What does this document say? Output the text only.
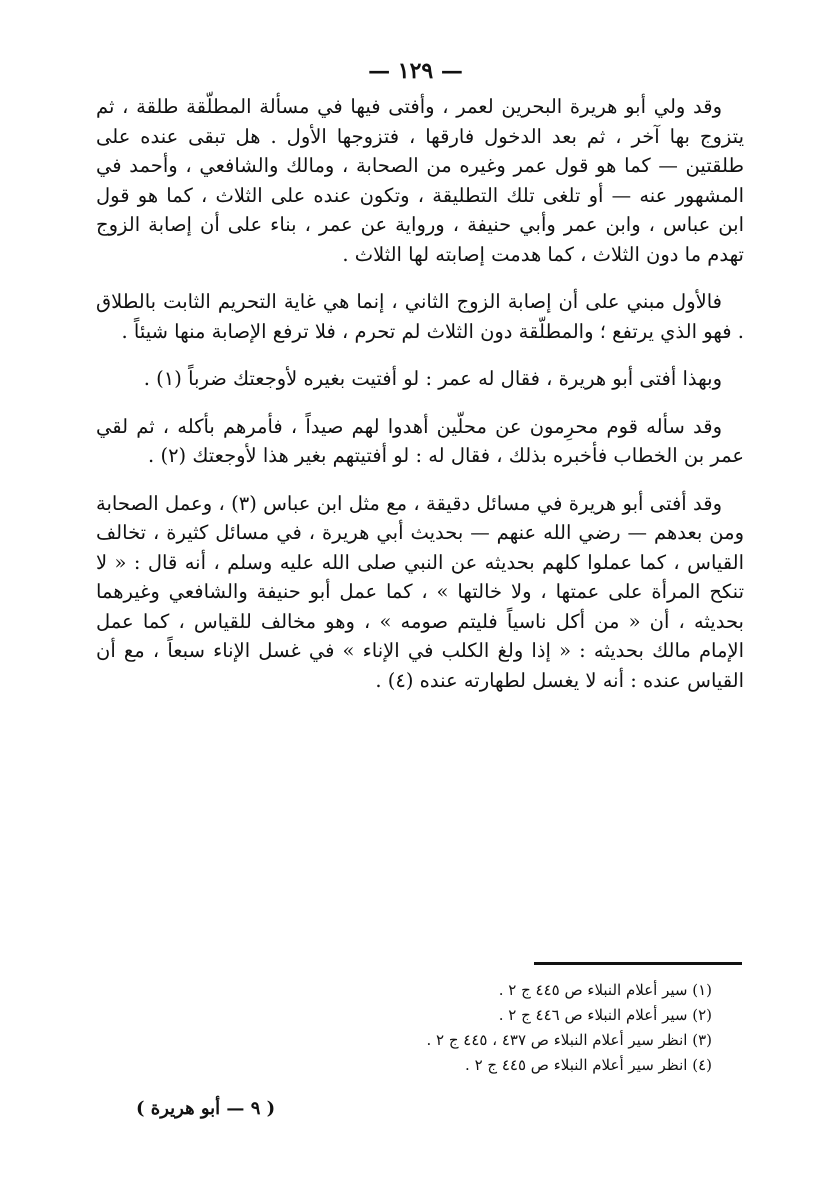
— ١٢٩ —

وقد ولي أبو هريرة البحرين لعمر ، وأفتى فيها في مسألة المطلّقة طلقة ، ثم يتزوج بها آخر ، ثم بعد الدخول فارقها ، فتزوجها الأول . هل تبقى عنده على طلقتين — كما هو قول عمر وغيره من الصحابة ، ومالك والشافعي ، وأحمد في المشهور عنه — أو تلغى تلك التطليقة ، وتكون عنده على الثلاث ، كما هو قول ابن عباس ، وابن عمر وأبي حنيفة ، ورواية عن عمر ، بناء على أن إصابة الزوج تهدم ما دون الثلاث ، كما هدمت إصابته لها الثلاث .

فالأول مبني على أن إصابة الزوج الثاني ، إنما هي غاية التحريم الثابت بالطلاق . فهو الذي يرتفع ؛ والمطلّقة دون الثلاث لم تحرم ، فلا ترفع الإصابة منها شيئاً .

وبهذا أفتى أبو هريرة ، فقال له عمر : لو أفتيت بغيره لأوجعتك ضرباً (١) .

وقد سأله قوم محرِمون عن محلّين أهدوا لهم صيداً ، فأمرهم بأكله ، ثم لقي عمر بن الخطاب فأخبره بذلك ، فقال له : لو أفتيتهم بغير هذا لأوجعتك (٢) .

وقد أفتى أبو هريرة في مسائل دقيقة ، مع مثل ابن عباس (٣) ، وعمل الصحابة ومن بعدهم — رضي الله عنهم — بحديث أبي هريرة ، في مسائل كثيرة ، تخالف القياس ، كما عملوا كلهم بحديثه عن النبي صلى الله عليه وسلم ، أنه قال : « لا تنكح المرأة على عمتها ، ولا خالتها » ، كما عمل أبو حنيفة والشافعي وغيرهما بحديثه ، أن « من أكل ناسياً فليتم صومه » ، وهو مخالف للقياس ، كما عمل الإمام مالك بحديثه : « إذا ولغ الكلب في الإناء » في غسل الإناء سبعاً ، مع أن القياس عنده : أنه لا يغسل لطهارته عنده (٤) .

(١) سير أعلام النبلاء ص ٤٤٥ ج ٢ .

(٢) سير أعلام النبلاء ص ٤٤٦ ج ٢ .

(٣) انظر سير أعلام النبلاء ص ٤٣٧ ، ٤٤٥ ج ٢ .

(٤) انظر سير أعلام النبلاء ص ٤٤٥ ج ٢ .

( ٩ — أبو هريرة )
